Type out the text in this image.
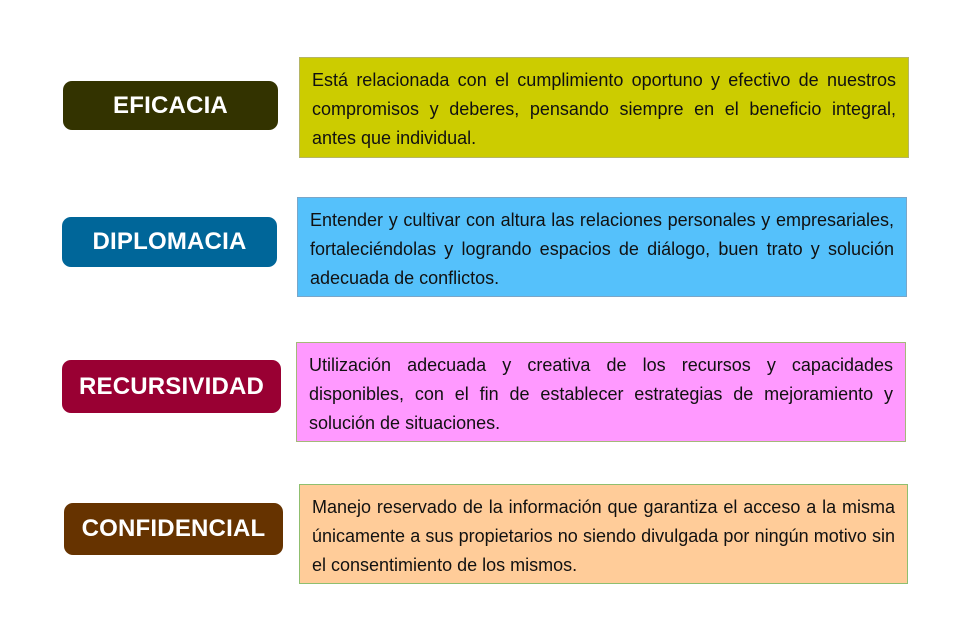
EFICACIA
Está relacionada con el cumplimiento oportuno y efectivo de nuestros compromisos y deberes, pensando siempre en el beneficio integral, antes que individual.
DIPLOMACIA
Entender y cultivar con altura las relaciones personales y empresariales, fortaleciéndolas y logrando espacios de diálogo, buen trato y solución adecuada de conflictos.
RECURSIVIDAD
Utilización adecuada y creativa de los recursos y capacidades disponibles, con el fin de establecer estrategias de mejoramiento y solución de situaciones.
CONFIDENCIAL
Manejo reservado de la información que garantiza el acceso a la misma únicamente a sus propietarios no siendo divulgada por ningún motivo sin el consentimiento de los mismos.
